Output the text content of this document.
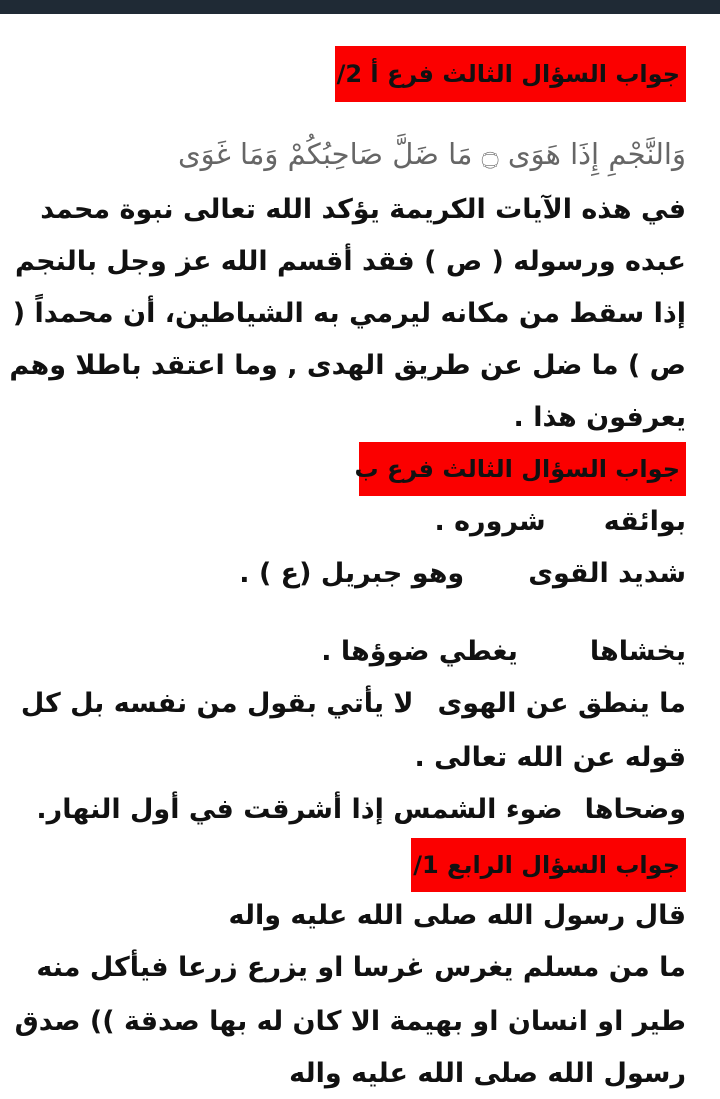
جواب السؤال الثالث فرع أ 2/
وَالنَّجْمِ إِذَا هَوَى ۝ مَا ضَلَّ صَاحِبُكُمْ وَمَا غَوَى
في هذه الآيات الكريمة يؤكد الله تعالى نبوة محمد
عبده ورسوله ( ص ) فقد أقسم الله عز وجل بالنجم
إذا سقط من مكانه ليرمي به الشياطين، أن محمداً (
ص ) ما ضل عن طريق الهدى , وما اعتقد باطلا وهم
يعرفون هذا .
جواب السؤال الثالث فرع ب
بوائقهشروره .
شديد القوىوهو جبريل (ع ) .
يخشاهايغطي ضوؤها .
ما ينطق عن الهوىلا يأتي بقول من نفسه بل كل
قوله عن الله تعالى .
وضحاهاضوء الشمس إذا أشرقت في أول النهار.
جواب السؤال الرابع 1/
قال رسول الله صلى الله عليه واله
ما من مسلم يغرس غرسا او يزرع زرعا فيأكل منه
طير او انسان او بهيمة الا كان له بها صدقة )) صدق
رسول الله صلى الله عليه واله
